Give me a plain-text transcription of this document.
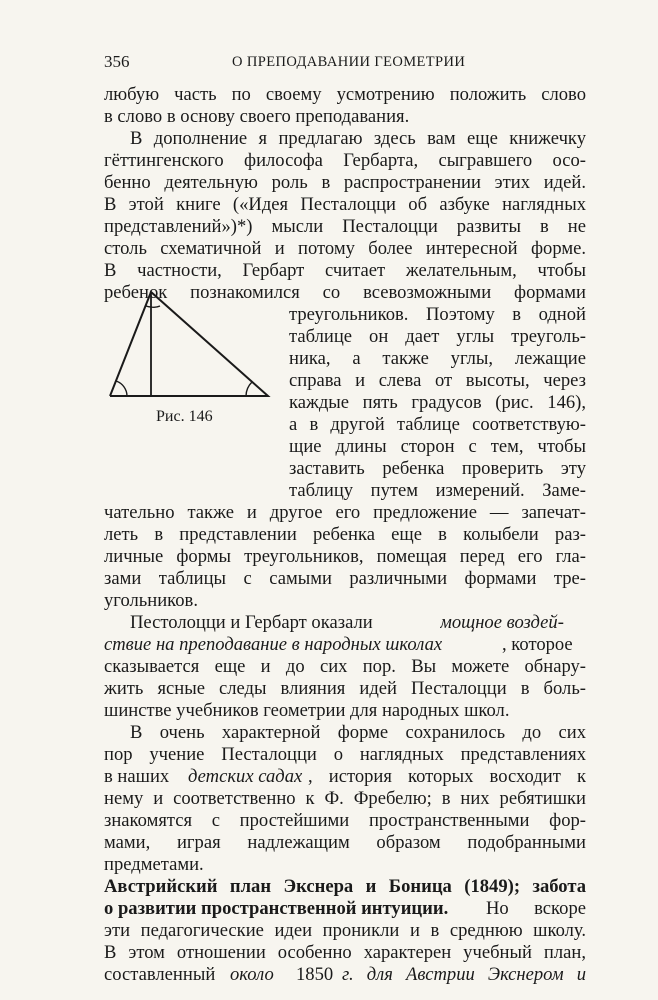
356	О ПРЕПОДАВАНИИ ГЕОМЕТРИИ
любую часть по своему усмотрению положить слово
в слово в основу своего преподавания.
В дополнение я предлагаю здесь вам еще книжечку
гёттингенского философа Гербарта, сыгравшего осо-
бенно деятельную роль в распространении этих идей.
В этой книге («Идея Песталоцци об азбуке наглядных
представлений»)*) мысли Песталоцци развиты в не
столь схематичной и потому более интересной форме.
В частности, Гербарт считает желательным, чтобы
ребенок познакомился со всевозможными формами
Рис. 146
треугольников. Поэтому в одной
таблице он дает углы треуголь-
ника, а также углы, лежащие
справа и слева от высоты, через
каждые пять градусов (рис. 146),
а в другой таблице соответствую-
щие длины сторон с тем, чтобы
заставить ребенка проверить эту
таблицу путем измерений. Заме-
чательно также и другое его предложение — запечат-
леть в представлении ребенка еще в колыбели раз-
личные формы треугольников, помещая перед его гла-
зами таблицы с самыми различными формами тре-
угольников.
Пестолоцци и Гербарт оказали	мощное воздей-
ствие на преподавание в народных школах	, которое
сказывается еще и до сих пор. Вы можете обнару-
жить ясные следы влияния идей Песталоцци в боль-
шинстве учебников геометрии для народных школ.
В очень характерной форме сохранилось до сих
пор учение Песталоцци о наглядных представлениях
в наших	детских садах , история которых восходит к
нему и соответственно к Ф. Фребелю; в них ребятишки
знакомятся с простейшими пространственными фор-
мами, играя надлежащим образом подобранными
предметами.
Австрийский план Экснера и Боница (1849); забота
о развитии пространственной интуиции.	Но вскоре
эти педагогические идеи проникли и в среднюю школу.
В этом отношении особенно характерен учебный план,
составленный около	1850 г. для Австрии Экснером и
